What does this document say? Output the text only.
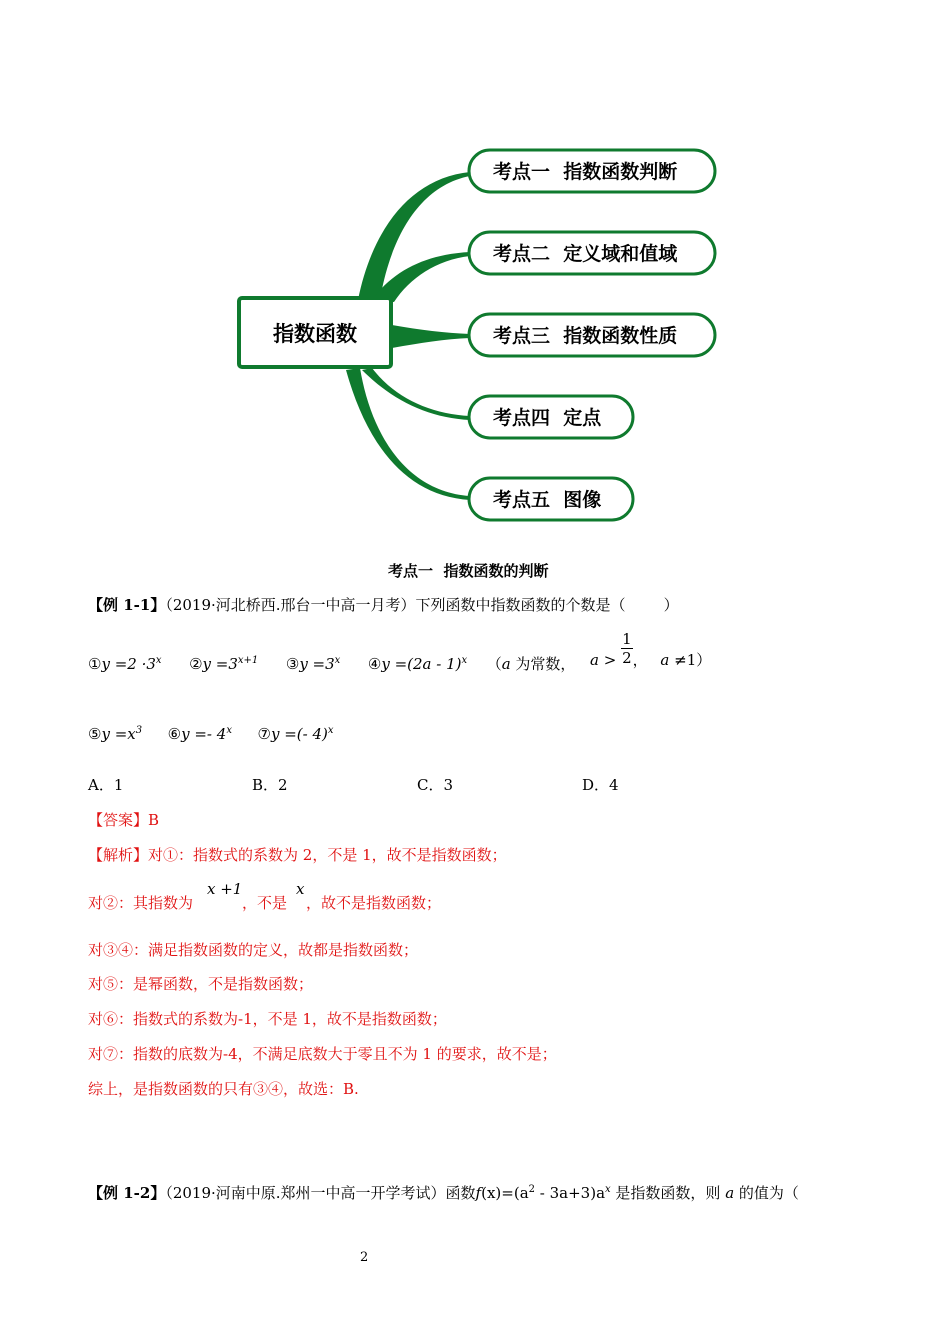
指数函数
考点一  指数函数判断
考点二  定义域和值域
考点三  指数函数性质
考点四  定点
考点五  图像
考点一  指数函数的判断
【例 1-1】（2019·河北桥西.邢台一中高一月考）下列函数中指数函数的个数是（        ）
①y $=2 \cdot 3^x$ ②y $=3^{x+1}$ ③y $=3^x$ ④y =(2a - 1)$^x$ （a 为常数， $a > \frac{1}{2}$ ， a ≠1）
⑤y $=x^3$ ⑥y =- 4$^x$ ⑦y =(- 4)$^x$
A．1	B．2	C．3	D．4
【答案】B
【解析】对①：指数式的系数为 2，不是 1，故不是指数函数；
对②：其指数为
x +1
，不是
x
，故不是指数函数；
对③④：满足指数函数的定义，故都是指数函数；
对⑤：是幂函数，不是指数函数；
对⑥：指数式的系数为-1，不是 1，故不是指数函数；
对⑦：指数的底数为-4，不满足底数大于零且不为 1 的要求，故不是；
综上，是指数函数的只有③④，故选：B.
【例 1-2】（2019·河南中原.郑州一中高一开学考试）函数$f(x)=(a^2 - 3a+3)a^x$ 是指数函数，则 a 的值为（
2
